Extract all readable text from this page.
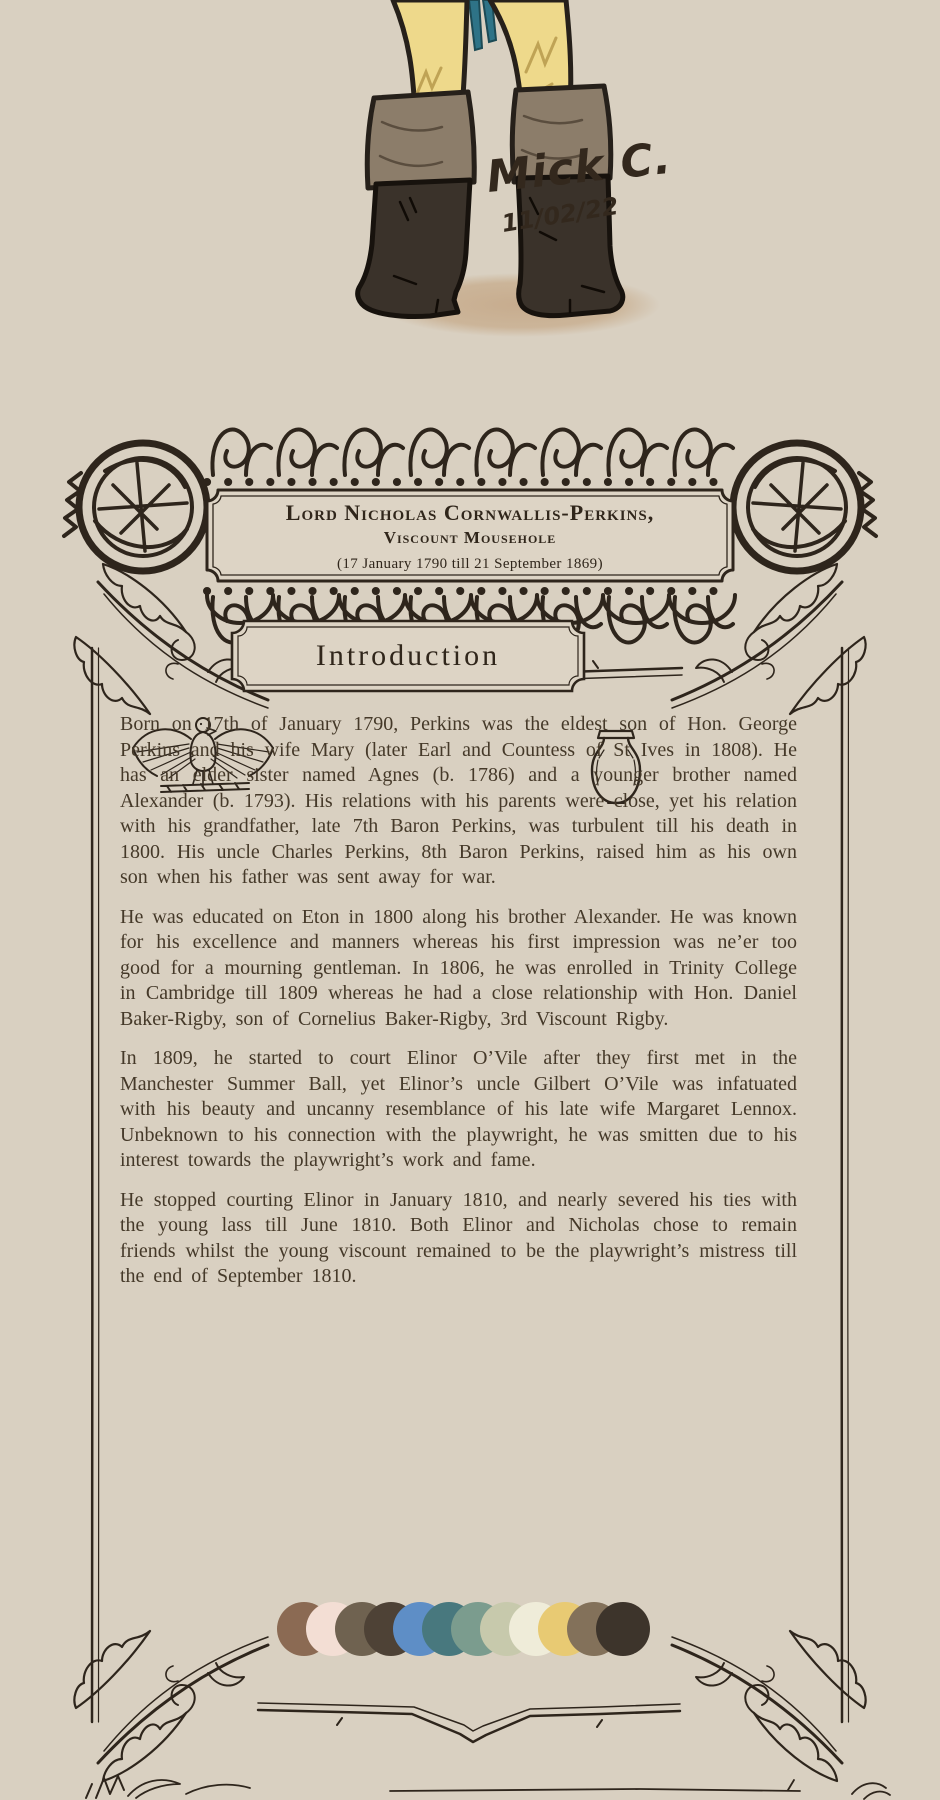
Mick C.
11/02/22
Lord Nicholas Cornwallis-Perkins,
Viscount Mousehole
(17 January 1790 till 21 September 1869)
Introduction

Born on 17th of January 1790, Perkins was the eldest son of Hon. George Perkins and his wife Mary (later Earl and Countess of St Ives in 1808). He has an elder sister named Agnes (b. 1786) and a younger brother named Alexander (b. 1793). His relations with his parents were close, yet his relation with his grandfather, late 7th Baron Perkins, was turbulent till his death in 1800. His uncle Charles Perkins, 8th Baron Perkins, raised him as his own son when his father was sent away for war.

He was educated on Eton in 1800 along his brother Alexander. He was known for his excellence and manners whereas his first impression was ne’er too good for a mourning gentleman. In 1806, he was enrolled in Trinity College in Cambridge till 1809 whereas he had a close relationship with Hon. Daniel Baker-Rigby, son of Cornelius Baker-Rigby, 3rd Viscount Rigby.

In 1809, he started to court Elinor O’Vile after they first met in the Manchester Summer Ball, yet Elinor’s uncle Gilbert O’Vile was infatuated with his beauty and uncanny resemblance of his late wife Margaret Lennox. Unbeknown to his connection with the playwright, he was smitten due to his interest towards the playwright’s work and fame.

He stopped courting Elinor in January 1810, and nearly severed his ties with the young lass till June 1810. Both Elinor and Nicholas chose to remain friends whilst the young viscount remained to be the playwright’s mistress till the end of September 1810.
